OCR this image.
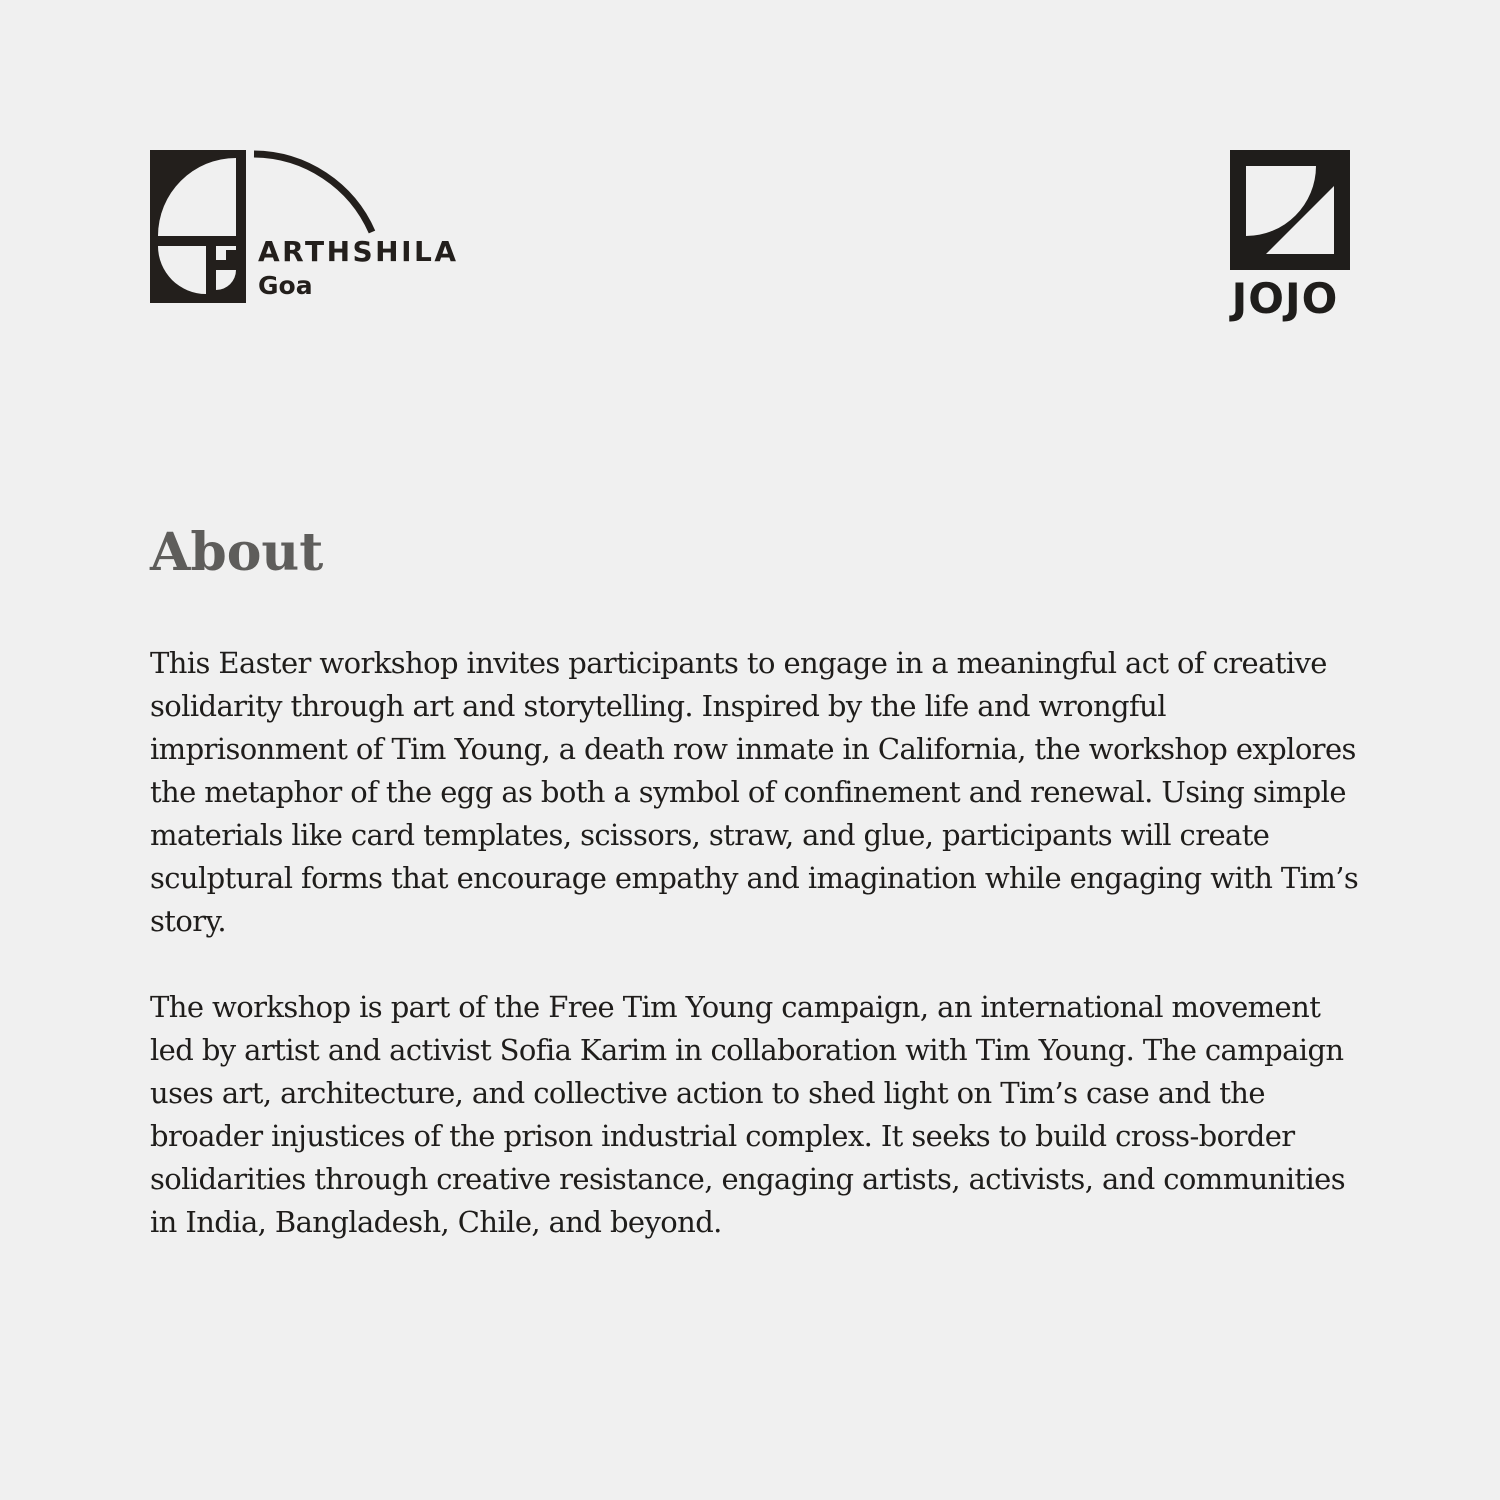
ARTHSHILA
Goa	JOJO
About

This Easter workshop invites participants to engage in a meaningful act of creative solidarity through art and storytelling. Inspired by the life and wrongful imprisonment of Tim Young, a death row inmate in California, the workshop explores the metaphor of the egg as both a symbol of confinement and renewal. Using simple materials like card templates, scissors, straw, and glue, participants will create sculptural forms that encourage empathy and imagination while engaging with Tim’s story.

The workshop is part of the Free Tim Young campaign, an international movement led by artist and activist Sofia Karim in collaboration with Tim Young. The campaign uses art, architecture, and collective action to shed light on Tim’s case and the broader injustices of the prison industrial complex. It seeks to build cross-border solidarities through creative resistance, engaging artists, activists, and communities in India, Bangladesh, Chile, and beyond.
